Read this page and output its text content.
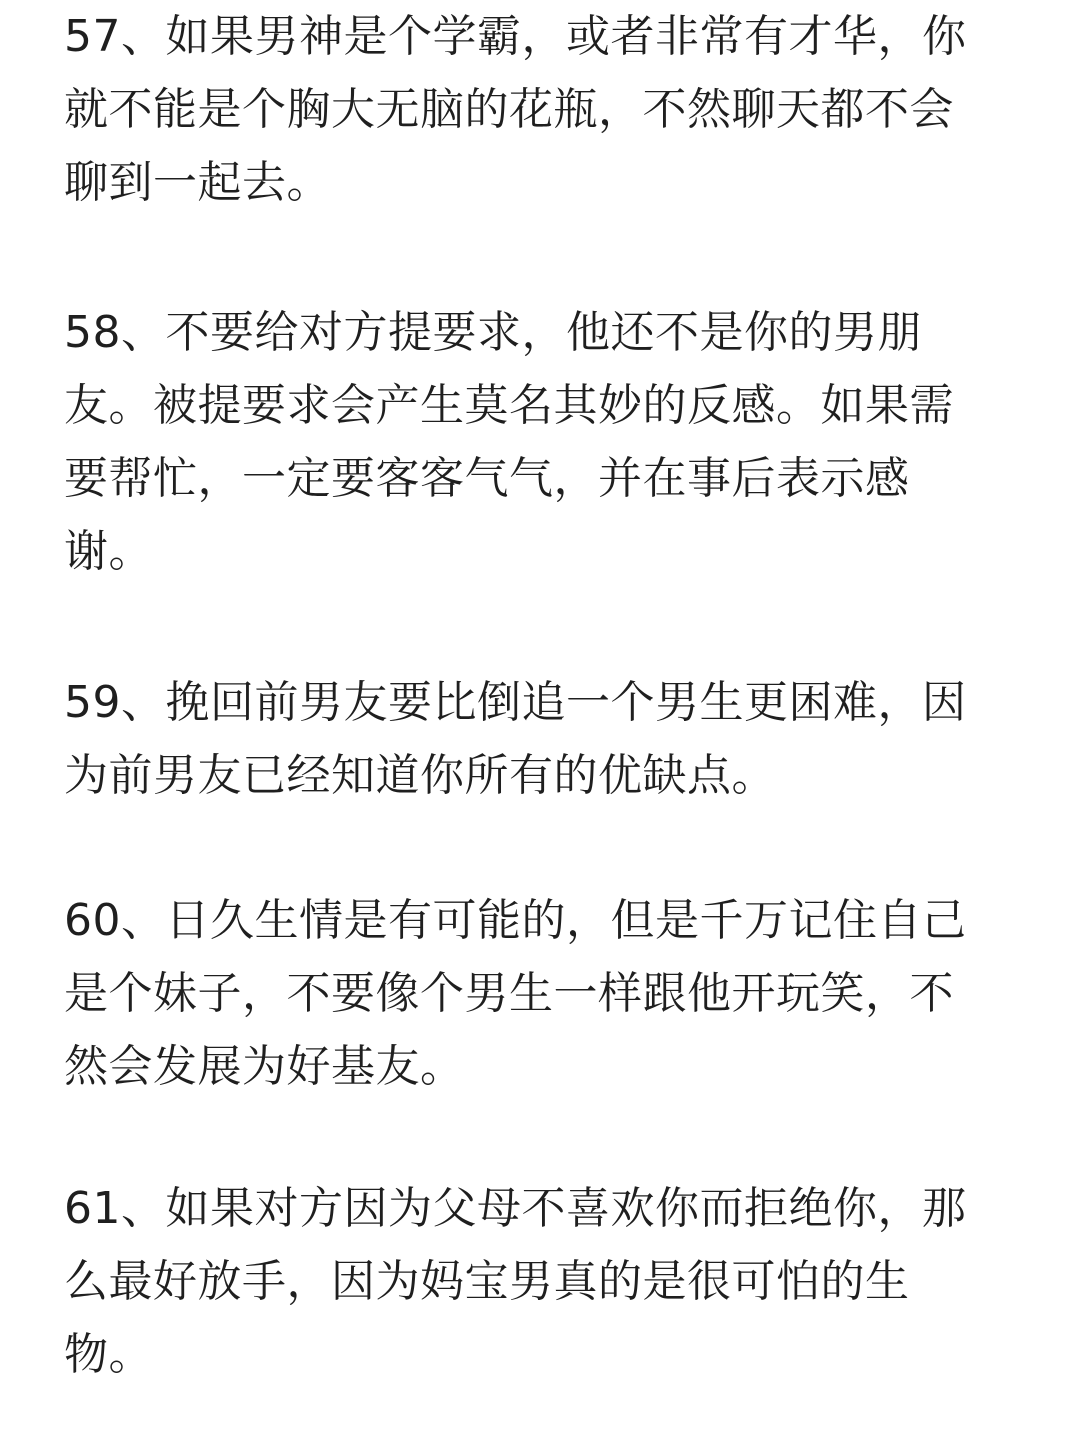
57、如果男神是个学霸，或者非常有才华，你
就不能是个胸大无脑的花瓶，不然聊天都不会
聊到一起去。
58、不要给对方提要求，他还不是你的男朋
友。被提要求会产生莫名其妙的反感。如果需
要帮忙，一定要客客气气，并在事后表示感
谢。
59、挽回前男友要比倒追一个男生更困难，因
为前男友已经知道你所有的优缺点。
60、日久生情是有可能的，但是千万记住自己
是个妹子，不要像个男生一样跟他开玩笑，不
然会发展为好基友。
61、如果对方因为父母不喜欢你而拒绝你，那
么最好放手，因为妈宝男真的是很可怕的生
物。
